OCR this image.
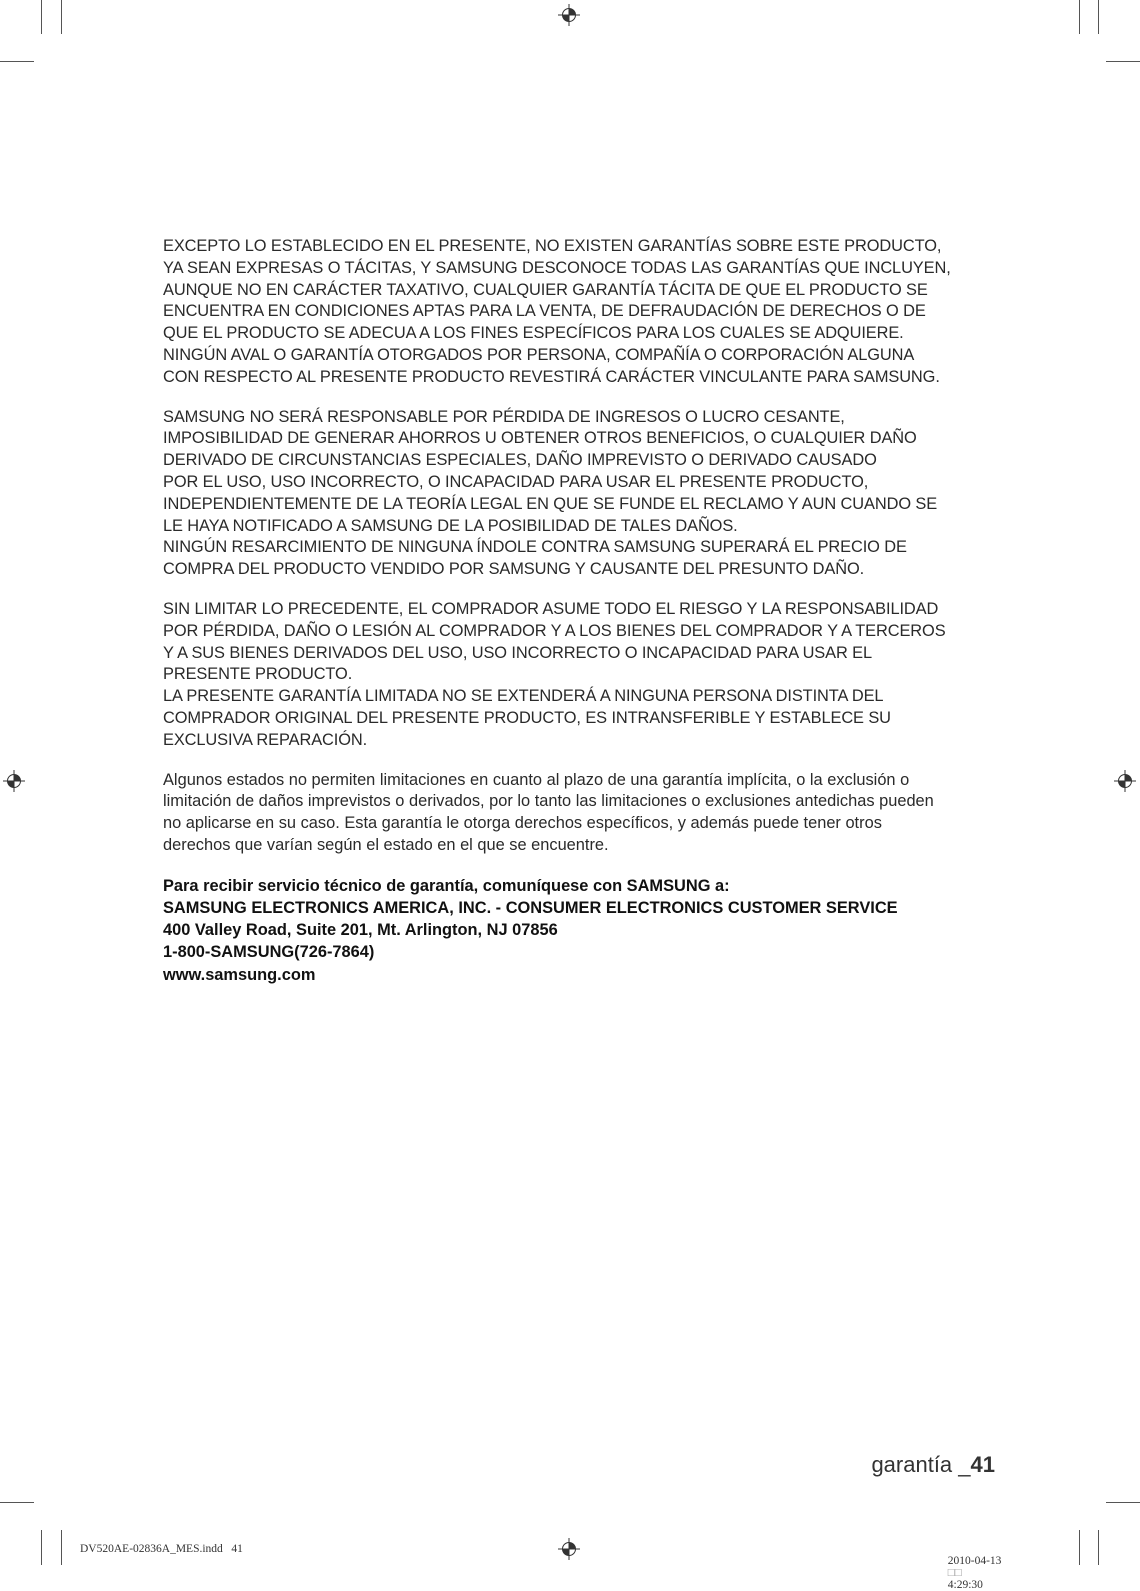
EXCEPTO LO ESTABLECIDO EN EL PRESENTE, NO EXISTEN GARANTÍAS SOBRE ESTE PRODUCTO,
YA SEAN EXPRESAS O TÁCITAS, Y SAMSUNG DESCONOCE TODAS LAS GARANTÍAS QUE INCLUYEN,
AUNQUE NO EN CARÁCTER TAXATIVO, CUALQUIER GARANTÍA TÁCITA DE QUE EL PRODUCTO SE
ENCUENTRA EN CONDICIONES APTAS PARA LA VENTA, DE DEFRAUDACIÓN DE DERECHOS O DE
QUE EL PRODUCTO SE ADECUA A LOS FINES ESPECÍFICOS PARA LOS CUALES SE ADQUIERE.
NINGÚN AVAL O GARANTÍA OTORGADOS POR PERSONA, COMPAÑÍA O CORPORACIÓN ALGUNA
CON RESPECTO AL PRESENTE PRODUCTO REVESTIRÁ CARÁCTER VINCULANTE PARA SAMSUNG.

SAMSUNG NO SERÁ RESPONSABLE POR PÉRDIDA DE INGRESOS O LUCRO CESANTE,
IMPOSIBILIDAD DE GENERAR AHORROS U OBTENER OTROS BENEFICIOS, O CUALQUIER DAÑO
DERIVADO DE CIRCUNSTANCIAS ESPECIALES, DAÑO IMPREVISTO O DERIVADO CAUSADO
POR EL USO, USO INCORRECTO, O INCAPACIDAD PARA USAR EL PRESENTE PRODUCTO,
INDEPENDIENTEMENTE DE LA TEORÍA LEGAL EN QUE SE FUNDE EL RECLAMO Y AUN CUANDO SE
LE HAYA NOTIFICADO A SAMSUNG DE LA POSIBILIDAD DE TALES DAÑOS.
NINGÚN RESARCIMIENTO DE NINGUNA ÍNDOLE CONTRA SAMSUNG SUPERARÁ EL PRECIO DE
COMPRA DEL PRODUCTO VENDIDO POR SAMSUNG Y CAUSANTE DEL PRESUNTO DAÑO.

SIN LIMITAR LO PRECEDENTE, EL COMPRADOR ASUME TODO EL RIESGO Y LA RESPONSABILIDAD
POR PÉRDIDA, DAÑO O LESIÓN AL COMPRADOR Y A LOS BIENES DEL COMPRADOR Y A TERCEROS
Y A SUS BIENES DERIVADOS DEL USO, USO INCORRECTO O INCAPACIDAD PARA USAR EL
PRESENTE PRODUCTO.
LA PRESENTE GARANTÍA LIMITADA NO SE EXTENDERÁ A NINGUNA PERSONA DISTINTA DEL
COMPRADOR ORIGINAL DEL PRESENTE PRODUCTO, ES INTRANSFERIBLE Y ESTABLECE SU
EXCLUSIVA REPARACIÓN.

Algunos estados no permiten limitaciones en cuanto al plazo de una garantía implícita, o la exclusión o
limitación de daños imprevistos o derivados, por lo tanto las limitaciones o exclusiones antedichas pueden
no aplicarse en su caso. Esta garantía le otorga derechos específicos, y además puede tener otros
derechos que varían según el estado en el que se encuentre.

Para recibir servicio técnico de garantía, comuníquese con SAMSUNG a:
SAMSUNG ELECTRONICS AMERICA, INC. - CONSUMER ELECTRONICS CUSTOMER SERVICE
400 Valley Road, Suite 201, Mt. Arlington, NJ 07856
1-800-SAMSUNG(726-7864)
www.samsung.com
garantía _41
DV520AE-02836A_MES.indd   41

2010-04-13
□□
4:29:30
